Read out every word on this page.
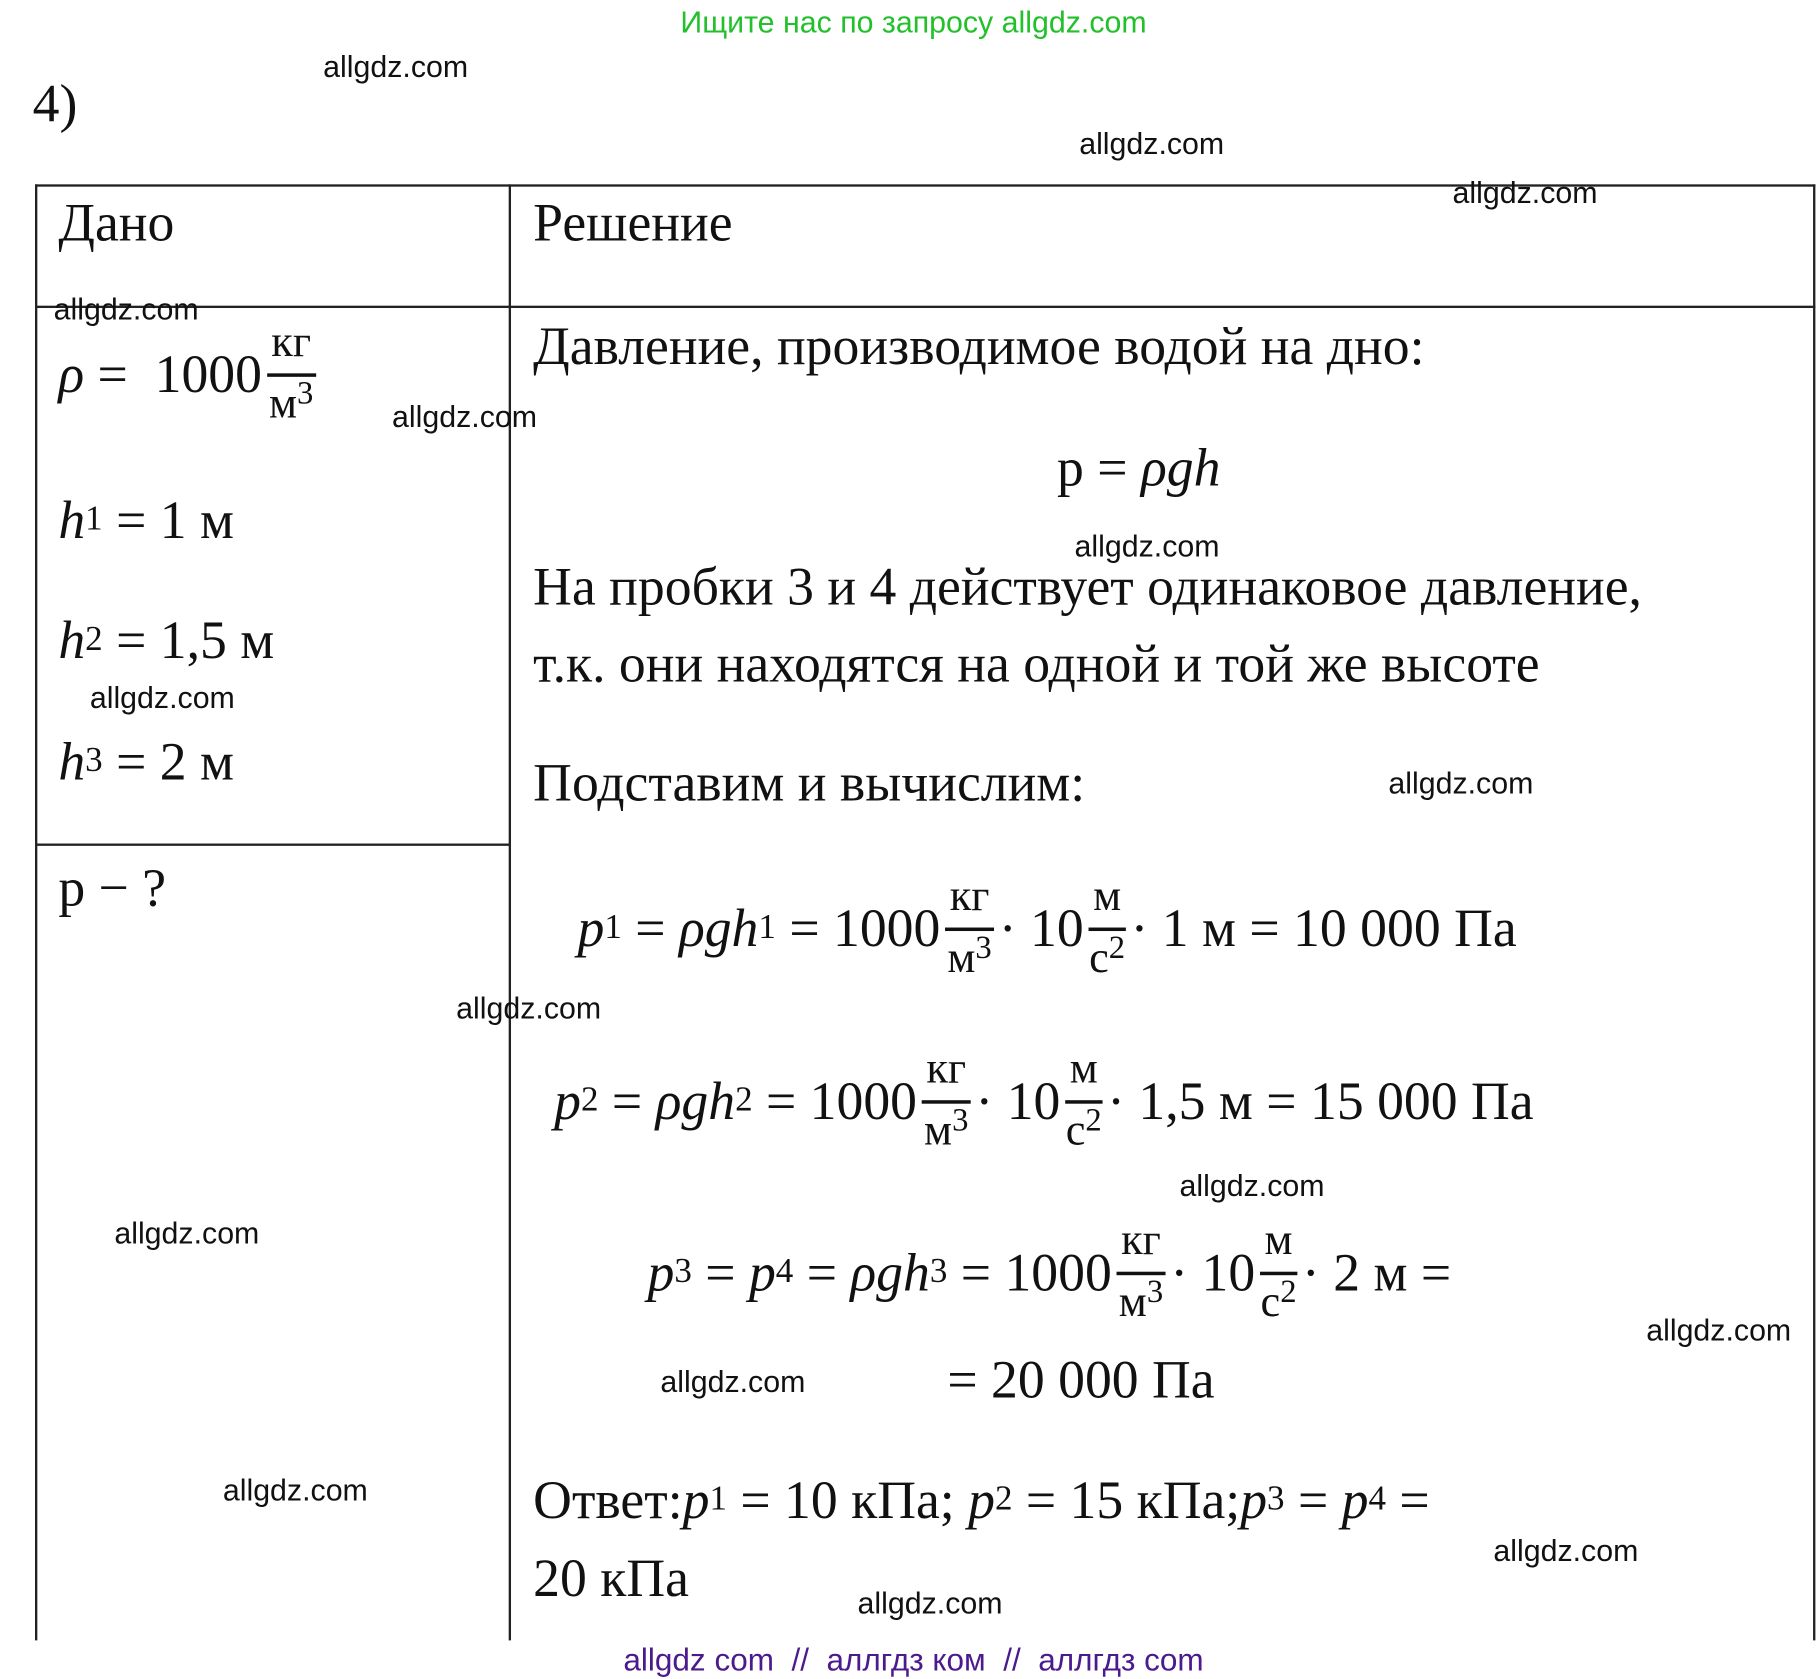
Ищите нас по запросу allgdz.com
4)
Дано	Решение
$\rho = 1000 \frac{кг}{м^3}$
h 1 = 1 м
h 2 = 1,5 м
h 3 = 2 м
p − ?
Давление, производимое водой на дно:
p = ρgh
На пробки 3 и 4 действует одинаковое давление,
т.к. они находятся на одной и той же высоте
Подставим и вычислим:
p 1 = ρgh $1 = 1000 \frac{кг}{м^3} \cdot 10 \frac{м}{с^2} \cdot 1$ м = 10 000 Па
p 2 = ρgh $2 = 1000 \frac{кг}{м^3} \cdot 10 \frac{м}{с^2} \cdot 1,5$ м = 15 000 Па
p 3 = p 4 = ρgh $3 = 1000 \frac{кг}{м^3} \cdot 10 \frac{м}{с^2} \cdot 2$ м =
= 20 000 Па
Ответ: p 1 = 10 кПа; p 2 = 15 кПа; p 3 = p 4 =
20 кПа
allgdz.com
allgdz.com
allgdz.com
allgdz.com
allgdz.com
allgdz.com
allgdz.com
allgdz.com
allgdz.com
allgdz.com
allgdz.com
allgdz.com
allgdz.com
allgdz.com
allgdz.com
allgdz.com
allgdz com  //  аллгдз ком  //  аллгдз com
